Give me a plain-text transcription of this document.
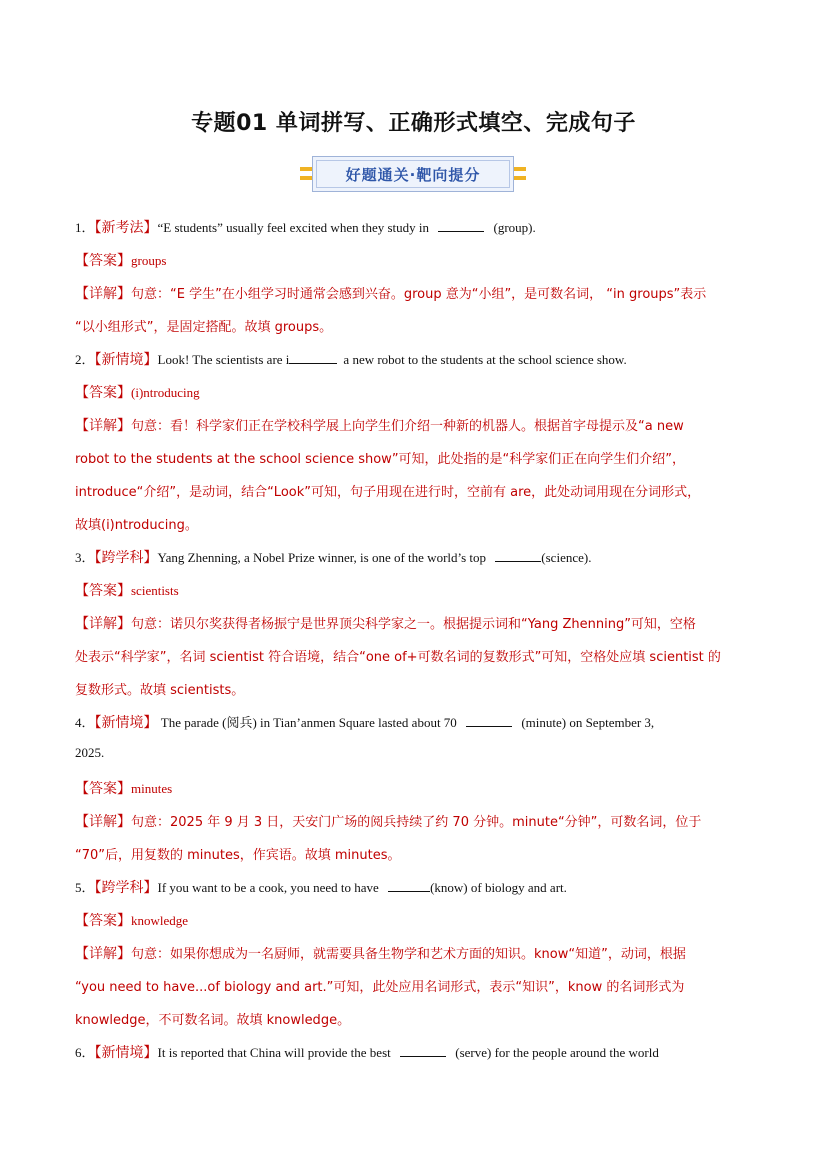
专题01 单词拼写、正确形式填空、完成句子
好题通关·靶向提分
1．【新考法】“E students” usually feel excited when they study in	(group).
【答案】groups
【详解】句意：“E 学生”在小组学习时通常会感到兴奋。group 意为“小组”，是可数名词， “in groups”表示
“以小组形式”，是固定搭配。故填 groups。
2．【新情境】Look! The scientists are i	a new robot to the students at the school science show.
【答案】(i)ntroducing
【详解】句意：看！科学家们正在学校科学展上向学生们介绍一种新的机器人。根据首字母提示及“a new
robot to the students at the school science show”可知，此处指的是“科学家们正在向学生们介绍”，
introduce“介绍”，是动词，结合“Look”可知，句子用现在进行时，空前有 are，此处动词用现在分词形式，
故填(i)ntroducing。
3．【跨学科】Yang Zhenning, a Nobel Prize winner, is one of the world’s top	(science).
【答案】scientists
【详解】句意：诺贝尔奖获得者杨振宁是世界顶尖科学家之一。根据提示词和“Yang Zhenning”可知，空格
处表示“科学家”，名词 scientist 符合语境，结合“one of+可数名词的复数形式”可知，空格处应填 scientist 的
复数形式。故填 scientists。
4．【新情境】 The parade (阅兵) in Tian’anmen Square lasted about 70	(minute) on September 3,
2025.
【答案】minutes
【详解】句意：2025 年 9 月 3 日，天安门广场的阅兵持续了约 70 分钟。minute“分钟”，可数名词，位于
“70”后，用复数的 minutes，作宾语。故填 minutes。
5．【跨学科】If you want to be a cook, you need to have	(know) of biology and art.
【答案】knowledge
【详解】句意：如果你想成为一名厨师，就需要具备生物学和艺术方面的知识。know“知道”，动词，根据
“you need to have...of biology and art.”可知，此处应用名词形式，表示“知识”，know 的名词形式为
knowledge，不可数名词。故填 knowledge。
6．【新情境】It is reported that China will provide the best	(serve) for the people around the world
